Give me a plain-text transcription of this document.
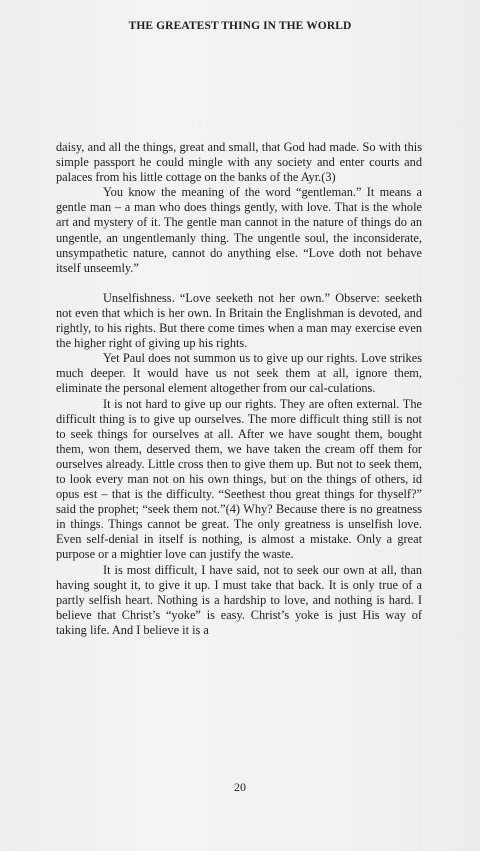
THE GREATEST THING IN THE WORLD

daisy, and all the things, great and small, that God had made. So with this simple passport he could mingle with any society and enter courts and palaces from his little cottage on the banks of the Ayr.(3)

You know the meaning of the word “gentleman.” It means a gentle man – a man who does things gently, with love. That is the whole art and mystery of it. The gentle man cannot in the nature of things do an ungentle, an ungentlemanly thing. The ungentle soul, the inconsiderate, unsympathetic nature, cannot do anything else. “Love doth not behave itself unseemly.”

Unselfishness. “Love seeketh not her own.” Observe: seeketh not even that which is her own. In Britain the Englishman is devoted, and rightly, to his rights. But there come times when a man may exercise even the higher right of giving up his rights.

Yet Paul does not summon us to give up our rights. Love strikes much deeper. It would have us not seek them at all, ignore them, eliminate the personal element altogether from our cal-culations.

It is not hard to give up our rights. They are often external. The difficult thing is to give up ourselves. The more difficult thing still is not to seek things for ourselves at all. After we have sought them, bought them, won them, deserved them, we have taken the cream off them for ourselves already. Little cross then to give them up. But not to seek them, to look every man not on his own things, but on the things of others, id opus est – that is the difficulty. “Seethest thou great things for thyself?” said the prophet; “seek them not.”(4) Why? Because there is no greatness in things. Things cannot be great. The only greatness is unselfish love. Even self-denial in itself is nothing, is almost a mistake. Only a great purpose or a mightier love can justify the waste.

It is most difficult, I have said, not to seek our own at all, than having sought it, to give it up. I must take that back. It is only true of a partly selfish heart. Nothing is a hardship to love, and nothing is hard. I believe that Christ’s “yoke” is easy. Christ’s yoke is just His way of taking life. And I believe it is a

20
